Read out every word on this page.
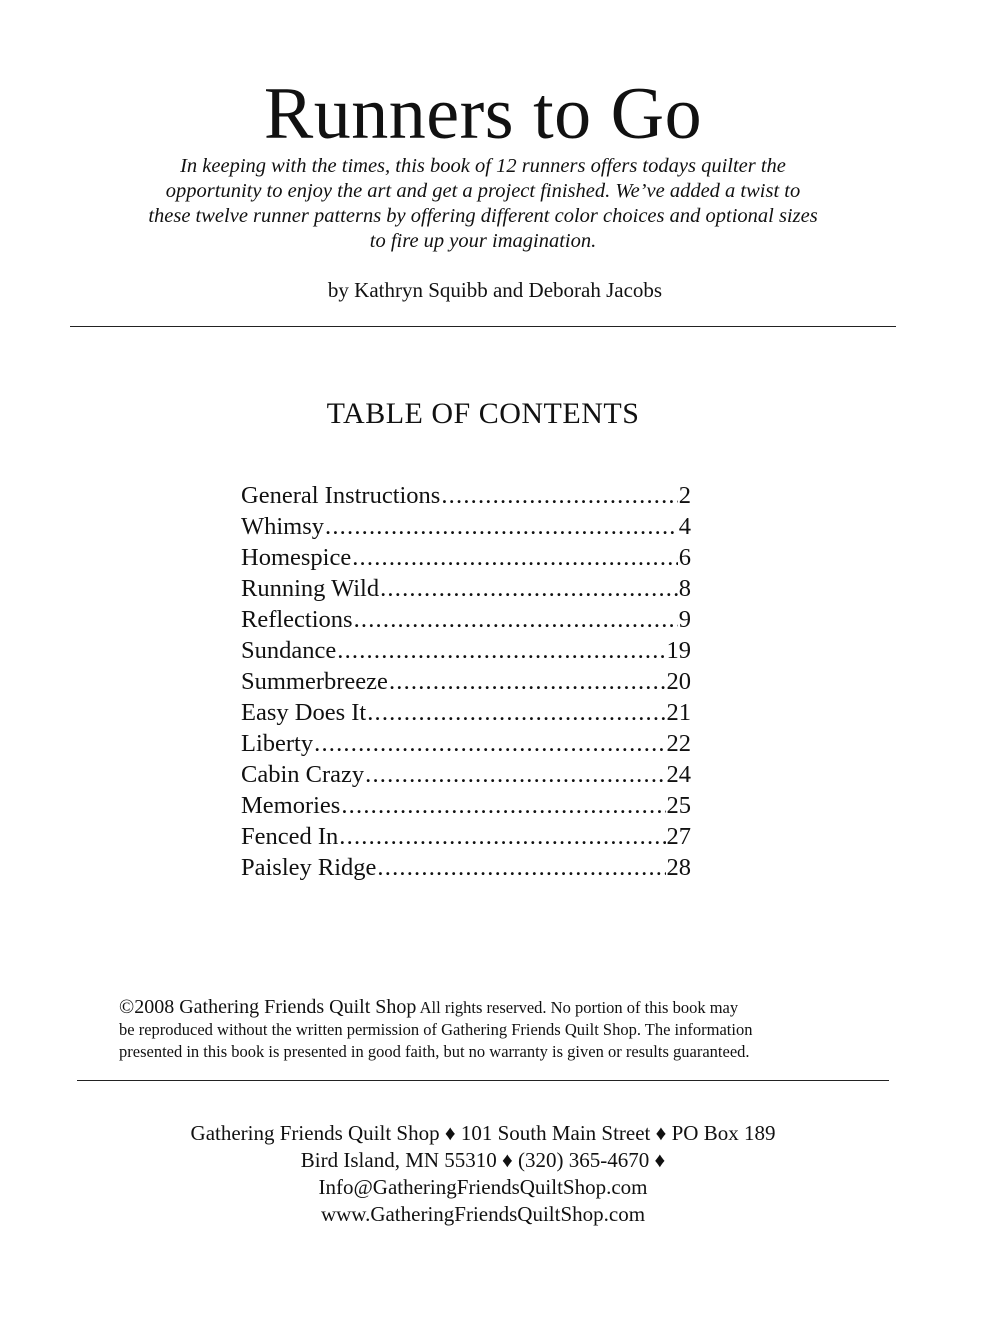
Runners to Go
In keeping with the times, this book of 12 runners offers todays quilter the
opportunity to enjoy the art and get a project finished. We’ve added a twist to
these twelve runner patterns by offering different color choices and optional sizes
to fire up your imagination.
by Kathryn Squibb and Deborah Jacobs
TABLE OF CONTENTS
General Instructions .....	2
Whimsy .....	4
Homespice .....	6
Running Wild .....	8
Reflections .....	9
Sundance .....	19
Summerbreeze .....	20
Easy Does It .....	21
Liberty .....	22
Cabin Crazy .....	24
Memories .....	25
Fenced In .....	27
Paisley Ridge .....	28
©2008 Gathering Friends Quilt Shop All rights reserved. No portion of this book may
be reproduced without the written permission of Gathering Friends Quilt Shop. The information
presented in this book is presented in good faith, but no warranty is given or results guaranteed.
Gathering Friends Quilt Shop ♦ 101 South Main Street ♦ PO Box 189
Bird Island, MN 55310 ♦ (320) 365-4670 ♦
Info@GatheringFriendsQuiltShop.com
www.GatheringFriendsQuiltShop.com
